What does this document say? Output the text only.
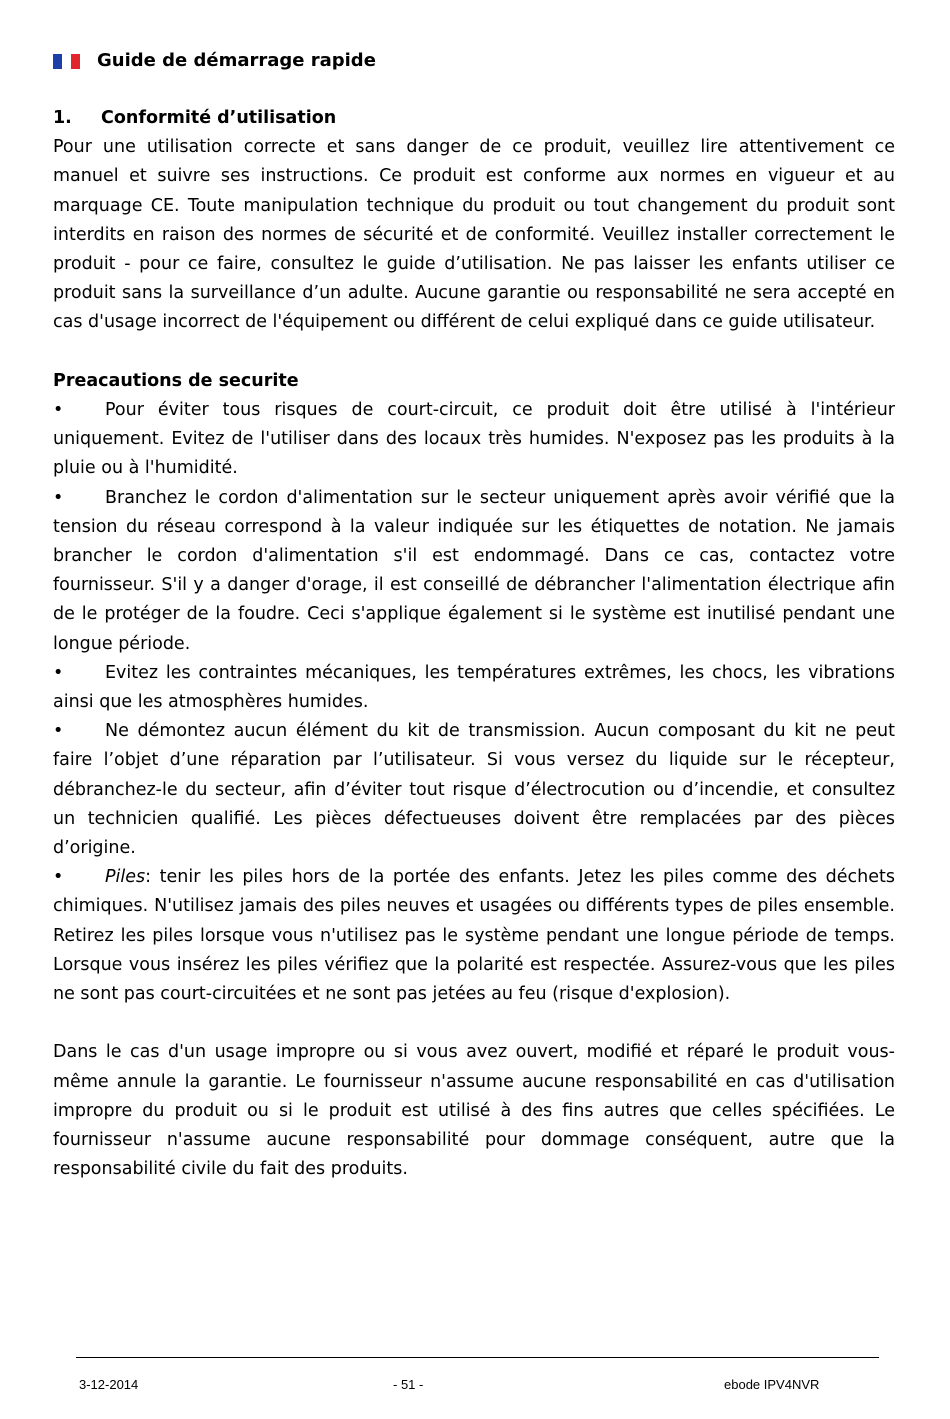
Guide de démarrage rapide
1.	Conformité d’utilisation

Pour une utilisation correcte et sans danger de ce produit, veuillez lire attentivement ce manuel et suivre ses instructions. Ce produit est conforme aux normes en vigueur et au marquage CE. Toute manipulation technique du produit ou tout changement du produit sont interdits en raison des normes de sécurité et de conformité. Veuillez installer correctement le produit - pour ce faire, consultez le guide d’utilisation. Ne pas laisser les enfants utiliser ce produit sans la surveillance d’un adulte. Aucune garantie ou responsabilité ne sera accepté en cas d'usage incorrect de l'équipement ou différent de celui expliqué dans ce guide utilisateur.

Preacautions de securite

• Pour éviter tous risques de court-circuit, ce produit doit être utilisé à l'intérieur uniquement. Evitez de l'utiliser dans des locaux très humides. N'exposez pas les produits à la pluie ou à l'humidité.

• Branchez le cordon d'alimentation sur le secteur uniquement après avoir vérifié que la tension du réseau correspond à la valeur indiquée sur les étiquettes de notation. Ne jamais brancher le cordon d'alimentation s'il est endommagé. Dans ce cas, contactez votre fournisseur. S'il y a danger d'orage, il est conseillé de débrancher l'alimentation électrique afin de le protéger de la foudre. Ceci s'applique également si le système est inutilisé pendant une longue période.

• Evitez les contraintes mécaniques, les températures extrêmes, les chocs, les vibrations ainsi que les atmosphères humides.

• Ne démontez aucun élément du kit de transmission. Aucun composant du kit ne peut faire l’objet d’une réparation par l’utilisateur. Si vous versez du liquide sur le récepteur, débranchez-le du secteur, afin d’éviter tout risque d’électrocution ou d’incendie, et consultez un technicien qualifié. Les pièces défectueuses doivent être remplacées par des pièces d’origine.

• Piles: tenir les piles hors de la portée des enfants. Jetez les piles comme des déchets chimiques. N'utilisez jamais des piles neuves et usagées ou différents types de piles ensemble. Retirez les piles lorsque vous n'utilisez pas le système pendant une longue période de temps. Lorsque vous insérez les piles vérifiez que la polarité est respectée. Assurez-vous que les piles ne sont pas court-circuitées et ne sont pas jetées au feu (risque d'explosion).

Dans le cas d'un usage impropre ou si vous avez ouvert, modifié et réparé le produit vous-même annule la garantie. Le fournisseur n'assume aucune responsabilité en cas d'utilisation impropre du produit ou si le produit est utilisé à des fins autres que celles spécifiées. Le fournisseur n'assume aucune responsabilité pour dommage conséquent, autre que la responsabilité civile du fait des produits.

3-12-2014	- 51 -	ebode IPV4NVR
